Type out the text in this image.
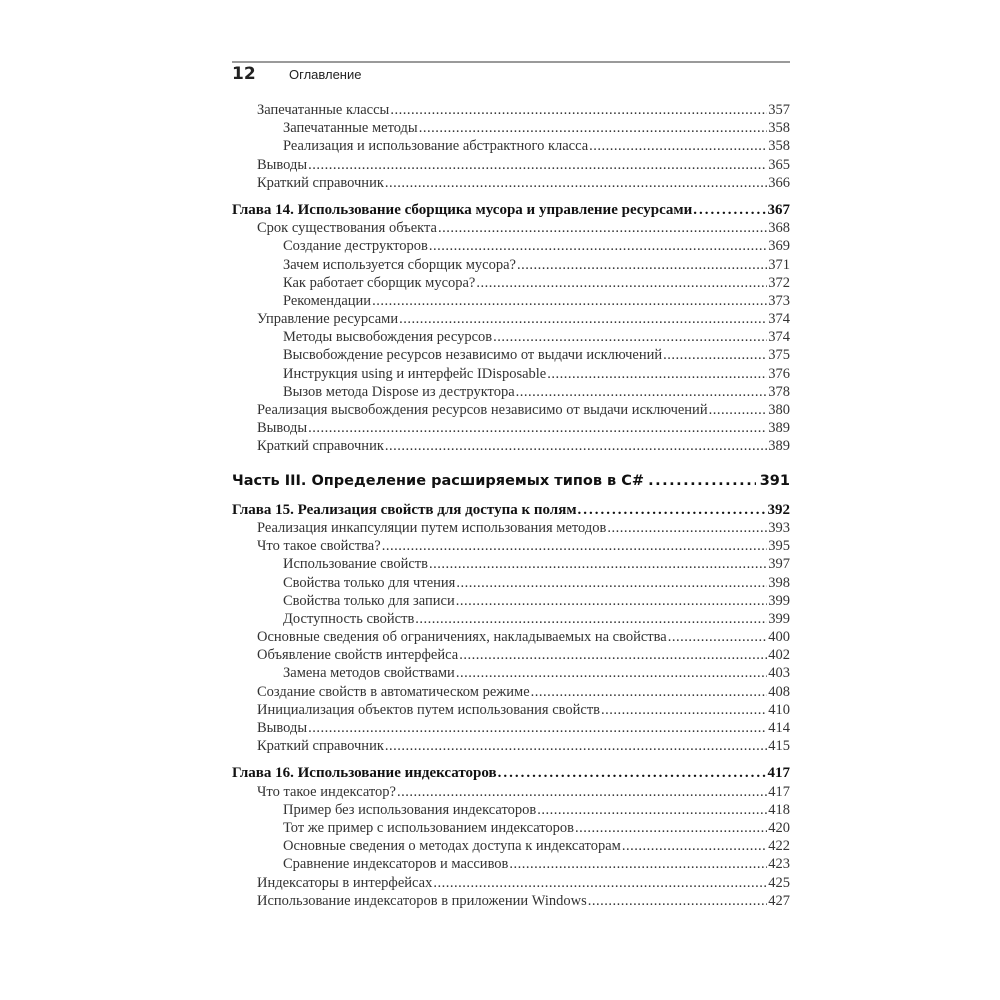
12	Оглавление
Запечатанные классы .....	357
Запечатанные методы .....	358
Реализация и использование абстрактного класса .....	358
Выводы .....	365
Краткий справочник .....	366
Глава 14. Использование сборщика мусора и управление ресурсами .....	367
Срок существования объекта .....	368
Создание деструкторов .....	369
Зачем используется сборщик мусора? .....	371
Как работает сборщик мусора? .....	372
Рекомендации .....	373
Управление ресурсами .....	374
Методы высвобождения ресурсов .....	374
Высвобождение ресурсов независимо от выдачи исключений .....	375
Инструкция using и интерфейс IDisposable .....	376
Вызов метода Dispose из деструктора .....	378
Реализация высвобождения ресурсов независимо от выдачи исключений .....	380
Выводы .....	389
Краткий справочник .....	389
Часть III. Определение расширяемых типов в C# .....	391
Глава 15. Реализация свойств для доступа к полям .....	392
Реализация инкапсуляции путем использования методов .....	393
Что такое свойства? .....	395
Использование свойств .....	397
Свойства только для чтения .....	398
Свойства только для записи .....	399
Доступность свойств .....	399
Основные сведения об ограничениях, накладываемых на свойства .....	400
Объявление свойств интерфейса .....	402
Замена методов свойствами .....	403
Создание свойств в автоматическом режиме .....	408
Инициализация объектов путем использования свойств .....	410
Выводы .....	414
Краткий справочник .....	415
Глава 16. Использование индексаторов .....	417
Что такое индексатор? .....	417
Пример без использования индексаторов .....	418
Тот же пример с использованием индексаторов .....	420
Основные сведения о методах доступа к индексаторам .....	422
Сравнение индексаторов и массивов .....	423
Индексаторы в интерфейсах .....	425
Использование индексаторов в приложении Windows .....	427
